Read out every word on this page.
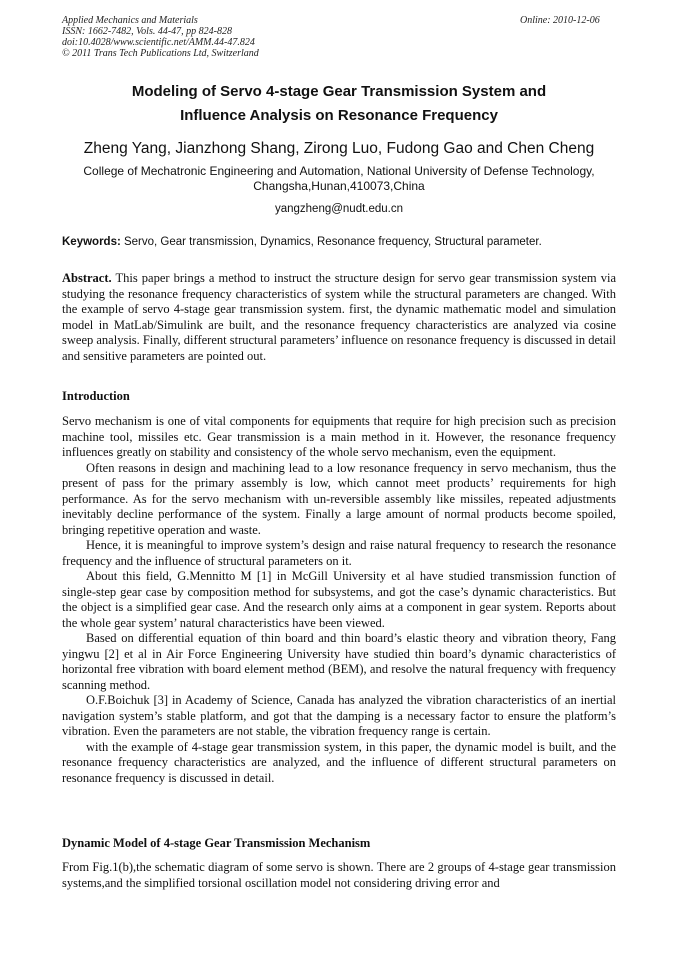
Applied Mechanics and Materials
ISSN: 1662-7482, Vols. 44-47, pp 824-828
doi:10.4028/www.scientific.net/AMM.44-47.824
© 2011 Trans Tech Publications Ltd, Switzerland
Online: 2010-12-06
Modeling of Servo 4-stage Gear Transmission System and
Influence Analysis on Resonance Frequency
Zheng Yang, Jianzhong Shang, Zirong Luo, Fudong Gao and Chen Cheng
College of Mechatronic Engineering and Automation, National University of Defense Technology,
Changsha,Hunan,410073,China
yangzheng@nudt.edu.cn
Keywords: Servo, Gear transmission, Dynamics, Resonance frequency, Structural parameter.

Abstract. This paper brings a method to instruct the structure design for servo gear transmission system via studying the resonance frequency characteristics of system while the structural parameters are changed. With the example of servo 4-stage gear transmission system. first, the dynamic mathematic model and simulation model in MatLab/Simulink are built, and the resonance frequency characteristics are analyzed via cosine sweep analysis. Finally, different structural parameters’ influence on resonance frequency is discussed in detail and sensitive parameters are pointed out.

Introduction

Servo mechanism is one of vital components for equipments that require for high precision such as precision machine tool, missiles etc. Gear transmission is a main method in it. However, the resonance frequency influences greatly on stability and consistency of the whole servo mechanism, even the equipment.

Often reasons in design and machining lead to a low resonance frequency in servo mechanism, thus the present of pass for the primary assembly is low, which cannot meet products’ requirements for high performance. As for the servo mechanism with un-reversible assembly like missiles, repeated adjustments inevitably decline performance of the system. Finally a large amount of normal products become spoiled, bringing repetitive operation and waste.

Hence, it is meaningful to improve system’s design and raise natural frequency to research the resonance frequency and the influence of structural parameters on it.

About this field, G.Mennitto M [1] in McGill University et al have studied transmission function of single-step gear case by composition method for subsystems, and got the case’s dynamic characteristics. But the object is a simplified gear case. And the research only aims at a component in gear system. Reports about the whole gear system’ natural characteristics have been viewed.

Based on differential equation of thin board and thin board’s elastic theory and vibration theory, Fang yingwu [2] et al in Air Force Engineering University have studied thin board’s dynamic characteristics of horizontal free vibration with board element method (BEM), and resolve the natural frequency with frequency scanning method.

O.F.Boichuk [3] in Academy of Science, Canada has analyzed the vibration characteristics of an inertial navigation system’s stable platform, and got that the damping is a necessary factor to ensure the platform’s vibration. Even the parameters are not stable, the vibration frequency range is certain.

with the example of 4-stage gear transmission system, in this paper, the dynamic model is built, and the resonance frequency characteristics are analyzed, and the influence of different structural parameters on resonance frequency is discussed in detail.

Dynamic Model of 4-stage Gear Transmission Mechanism

From Fig.1(b),the schematic diagram of some servo is shown. There are 2 groups of 4-stage gear transmission systems,and the simplified torsional oscillation model not considering driving error and
